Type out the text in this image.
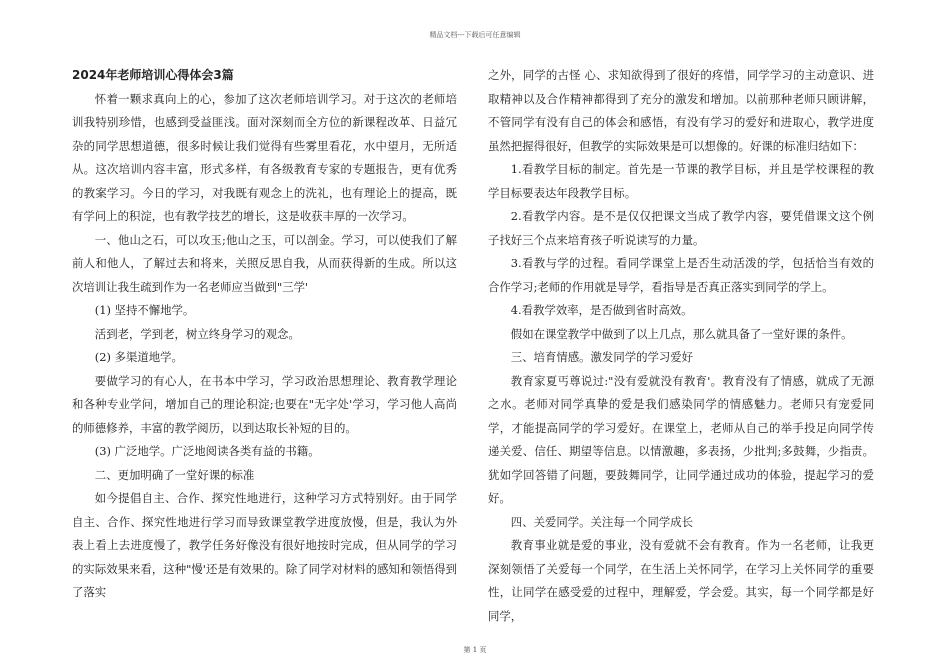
精品文档---下载后可任意编辑

2024年老师培训心得体会3篇

怀着一颗求真向上的心，参加了这次老师培训学习。对于这次的老师培训我特别珍惜，也感到受益匪浅。面对深刻而全方位的新课程改革、日益冗杂的同学思想道德，很多时候让我们觉得有些雾里看花，水中望月，无所适从。这次培训内容丰富，形式多样，有各级教育专家的专题报告，更有优秀的教案学习。今日的学习，对我既有观念上的洗礼，也有理论上的提高，既有学问上的积淀，也有教学技艺的增长，这是收获丰厚的一次学习。

一、他山之石，可以攻玉;他山之玉，可以剖金。学习，可以使我们了解前人和他人，了解过去和将来，关照反思自我，从而获得新的生成。所以这次培训让我生疏到作为一名老师应当做到"三学'

(1) 坚持不懈地学。

活到老，学到老，树立终身学习的观念。

(2) 多渠道地学。

要做学习的有心人，在书本中学习，学习政治思想理论、教育教学理论和各种专业学问，增加自己的理论积淀;也要在"无字处'学习，学习他人高尚的师德修养，丰富的教学阅历，以到达取长补短的目的。

(3) 广泛地学。广泛地阅读各类有益的书籍。

二、更加明确了一堂好课的标准

如今提倡自主、合作、探究性地进行，这种学习方式特别好。由于同学自主、合作、探究性地进行学习而导致课堂教学进度放慢，但是，我认为外表上看上去进度慢了，教学任务好像没有很好地按时完成，但从同学的学习的实际效果来看，这种"慢'还是有效果的。除了同学对材料的感知和领悟得到了落实

之外，同学的古怪 心、求知欲得到了很好的疼惜，同学学习的主动意识、进取精神以及合作精神都得到了充分的激发和增加。以前那种老师只顾讲解，不管同学有没有自己的体会和感悟，有没有学习的爱好和进取心，教学进度虽然把握得很好，但教学的实际效果是可以想像的。好课的标准归结如下：

1.看教学目标的制定。首先是一节课的教学目标，并且是学校课程的教学目标要表达年段教学目标。

2.看教学内容。是不是仅仅把课文当成了教学内容，要凭借课文这个例子找好三个点来培育孩子听说读写的力量。

3.看教与学的过程。看同学课堂上是否生动活泼的学，包括恰当有效的合作学习;老师的作用就是导学，看指导是否真正落实到同学的学上。

4.看教学效率，是否做到省时高效。

假如在课堂教学中做到了以上几点，那么就具备了一堂好课的条件。

三、培育情感。激发同学的学习爱好

教育家夏丐尊说过:"没有爱就没有教育'。教育没有了情感，就成了无源之水。老师对同学真挚的爱是我们感染同学的情感魅力。老师只有宠爱同学，才能提高同学的学习爱好。在课堂上，老师从自己的举手投足向同学传递关爱、信任、期望等信息。以情激趣，多表扬，少批判;多鼓舞，少指责。犹如学回答错了问题，要鼓舞同学，让同学通过成功的体验，提起学习的爱好。

四、关爱同学。关注每一个同学成长

教育事业就是爱的事业，没有爱就不会有教育。作为一名老师，让我更深刻领悟了关爱每一个同学，在生活上关怀同学，在学习上关怀同学的重要性，让同学在感受爱的过程中，理解爱，学会爱。其实，每一个同学都是好同学，

第 1 页
